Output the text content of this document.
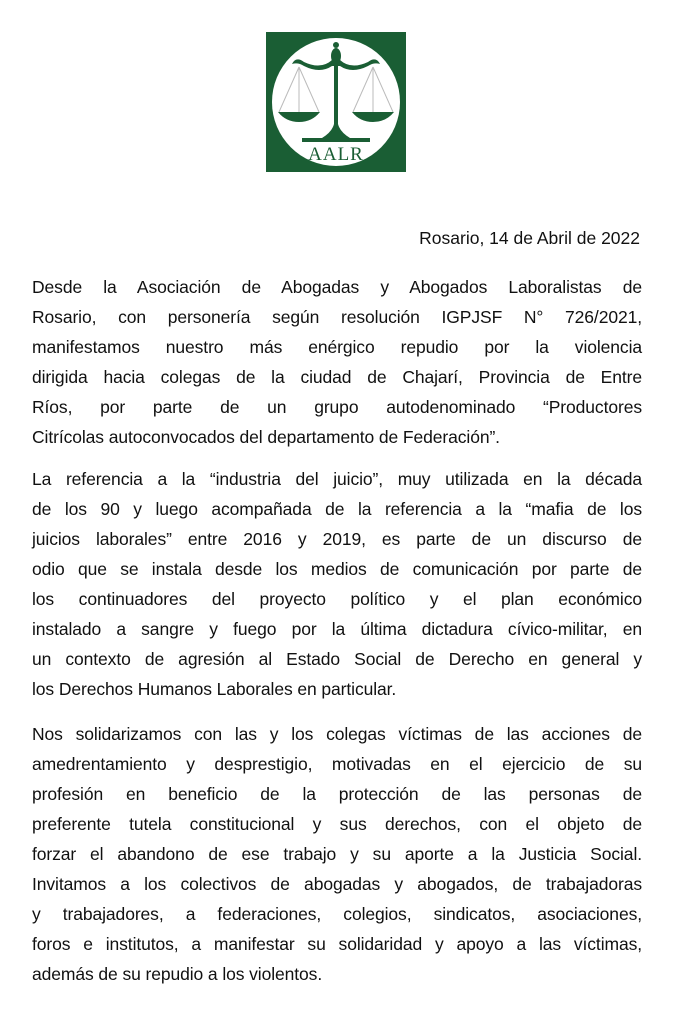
AALR
Rosario, 14 de Abril de 2022

Desde la Asociación de Abogadas y Abogados Laboralistas de
Rosario, con personería según resolución IGPJSF N° 726/2021,
manifestamos nuestro más enérgico repudio por la violencia
dirigida hacia colegas de la ciudad de Chajarí, Provincia de Entre
Ríos, por parte de un grupo autodenominado “Productores
Citrícolas autoconvocados del departamento de Federación”.

La referencia a la “industria del juicio”, muy utilizada en la década
de los 90 y luego acompañada de la referencia a la “mafia de los
juicios laborales” entre 2016 y 2019, es parte de un discurso de
odio que se instala desde los medios de comunicación por parte de
los continuadores del proyecto político y el plan económico
instalado a sangre y fuego por la última dictadura cívico-militar, en
un contexto de agresión al Estado Social de Derecho en general y
los Derechos Humanos Laborales en particular.

Nos solidarizamos con las y los colegas víctimas de las acciones de
amedrentamiento y desprestigio, motivadas en el ejercicio de su
profesión en beneficio de la protección de las personas de
preferente tutela constitucional y sus derechos, con el objeto de
forzar el abandono de ese trabajo y su aporte a la Justicia Social.
Invitamos a los colectivos de abogadas y abogados, de trabajadoras
y trabajadores, a federaciones, colegios, sindicatos, asociaciones,
foros e institutos, a manifestar su solidaridad y apoyo a las víctimas,
además de su repudio a los violentos.
